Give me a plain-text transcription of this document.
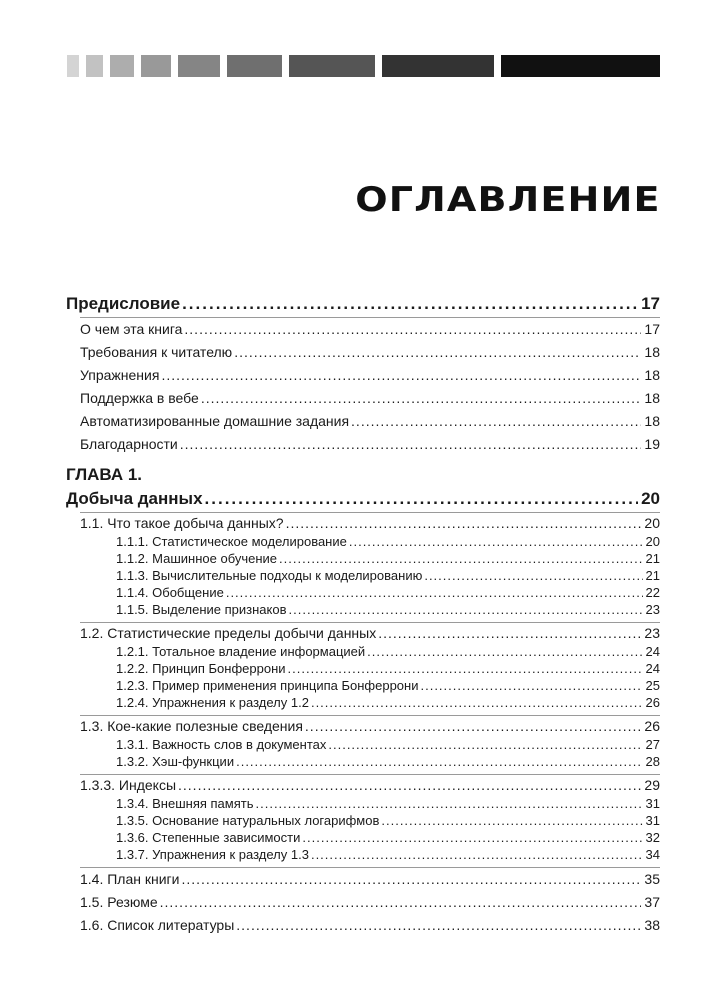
ОГЛАВЛЕНИЕ
Предисловие .....	17
О чем эта книга .....	17
Требования к читателю .....	18
Упражнения .....	18
Поддержка в вебе .....	18
Автоматизированные домашние задания .....	18
Благодарности .....	19
ГЛАВА 1.
Добыча данных .....	20
1.1. Что такое добыча данных? .....	20
1.1.1. Статистическое моделирование .....	20
1.1.2. Машинное обучение .....	21
1.1.3. Вычислительные подходы к моделированию .....	21
1.1.4. Обобщение .....	22
1.1.5. Выделение признаков .....	23
1.2. Статистические пределы добычи данных .....	23
1.2.1. Тотальное владение информацией .....	24
1.2.2. Принцип Бонферрони .....	24
1.2.3. Пример применения принципа Бонферрони .....	25
1.2.4. Упражнения к разделу 1.2 .....	26
1.3. Кое-какие полезные сведения .....	26
1.3.1. Важность слов в документах .....	27
1.3.2. Хэш-функции .....	28
1.3.3. Индексы .....	29
1.3.4. Внешняя память .....	31
1.3.5. Основание натуральных логарифмов .....	31
1.3.6. Степенные зависимости .....	32
1.3.7. Упражнения к разделу 1.3 .....	34
1.4. План книги .....	35
1.5. Резюме .....	37
1.6. Список литературы .....	38
